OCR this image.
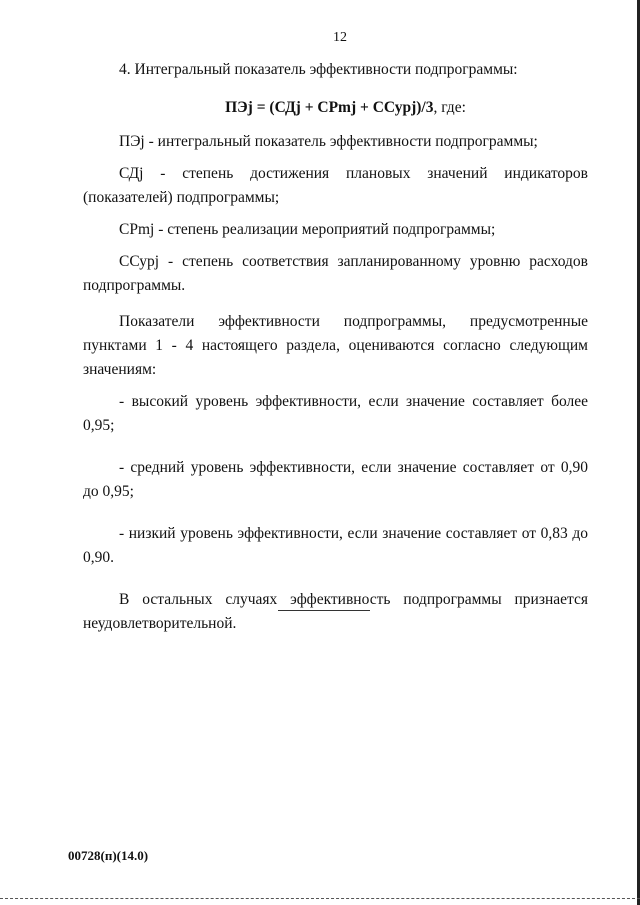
12

4. Интегральный показатель эффективности подпрограммы:

ПЭj = (СДj + СРmj + ССурj)/3, где:

ПЭj - интегральный показатель эффективности подпрограммы;

СДj - степень достижения плановых значений индикаторов (показателей) подпрограммы;

СРmj - степень реализации мероприятий подпрограммы;

ССурj - степень соответствия запланированному уровню расходов подпрограммы.

Показатели эффективности подпрограммы, предусмотренные пунктами 1 - 4 настоящего раздела, оцениваются согласно следующим значениям:

- высокий уровень эффективности, если значение составляет более 0,95;

- средний уровень эффективности, если значение составляет от 0,90 до 0,95;

- низкий уровень эффективности, если значение составляет от 0,83 до 0,90.

В остальных случаях эффективность подпрограммы признается неудовлетворительной.

00728(п)(14.0)
